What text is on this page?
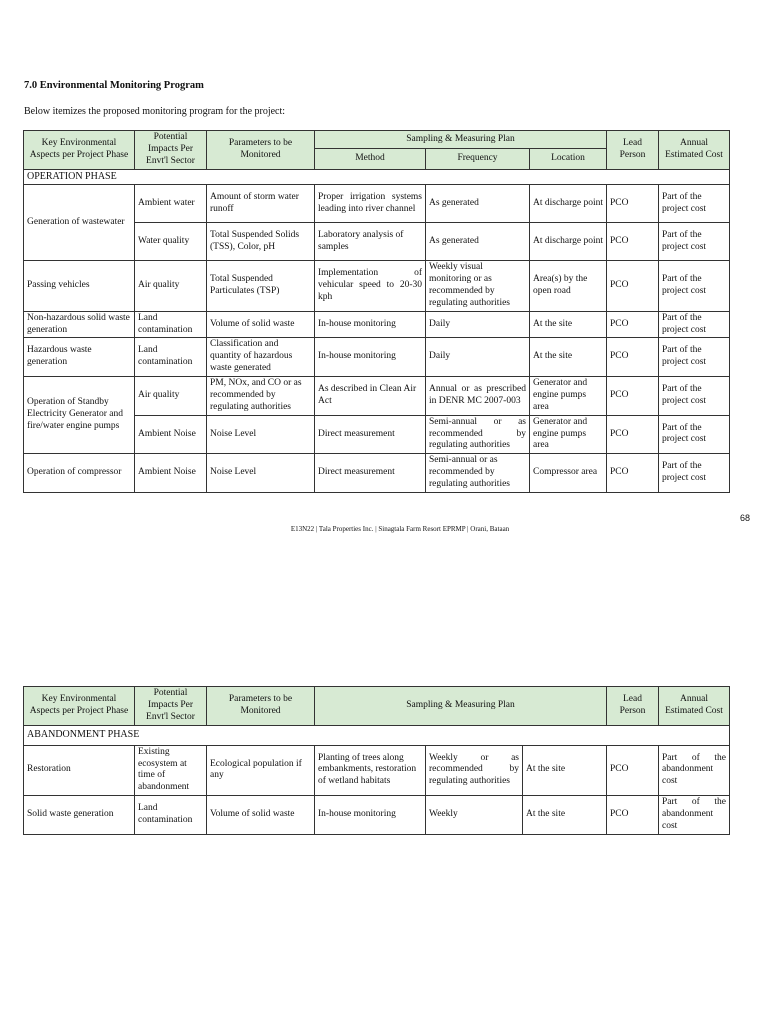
7.0 Environmental Monitoring Program
Below itemizes the proposed monitoring program for the project:
Key Environmental Aspects per Project Phase	Potential Impacts Per Envt'l Sector	Parameters to be Monitored	Sampling & Measuring Plan			Lead Person	Annual Estimated Cost
			Method	Frequency	Location		
OPERATION PHASE							
Generation of wastewater	Ambient water	Amount of storm water runoff	Proper irrigation systems leading into river channel	As generated	At discharge point	PCO	Part of the project cost
	Water quality	Total Suspended Solids (TSS), Color, pH	Laboratory analysis of samples	As generated	At discharge point	PCO	Part of the project cost
Passing vehicles	Air quality	Total Suspended Particulates (TSP)	Implementation of vehicular speed to 20-30 kph	Weekly visual monitoring or as recommended by regulating authorities	Area(s) by the open road	PCO	Part of the project cost
Non-hazardous solid waste generation	Land contamination	Volume of solid waste	In-house monitoring	Daily	At the site	PCO	Part of the project cost
Hazardous waste generation	Land contamination	Classification and quantity of hazardous waste generated	In-house monitoring	Daily	At the site	PCO	Part of the project cost
Operation of Standby Electricity Generator and fire/water engine pumps	Air quality	PM, NOx, and CO or as recommended by regulating authorities	As described in Clean Air Act	Annual or as prescribed in DENR MC 2007-003	Generator and engine pumps area	PCO	Part of the project cost
	Ambient Noise	Noise Level	Direct measurement	Semi-annual or as recommended by regulating authorities	Generator and engine pumps area	PCO	Part of the project cost
Operation of compressor	Ambient Noise	Noise Level	Direct measurement	Semi-annual or as recommended by regulating authorities	Compressor area	PCO	Part of the project cost
68
E13N22 | Tala Properties Inc. | Sinagtala Farm Resort EPRMP | Orani, Bataan
Key Environmental Aspects per Project Phase	Potential Impacts Per Envt'l Sector	Parameters to be Monitored	Sampling & Measuring Plan			Lead Person	Annual Estimated Cost
ABANDONMENT PHASE							
Restoration	Existing ecosystem at time of abandonment	Ecological population if any	Planting of trees along embankments, restoration of wetland habitats	Weekly or as recommended by regulating authorities	At the site	PCO	Part of the abandonment cost
Solid waste generation	Land contamination	Volume of solid waste	In-house monitoring	Weekly	At the site	PCO	Part of the abandonment cost
